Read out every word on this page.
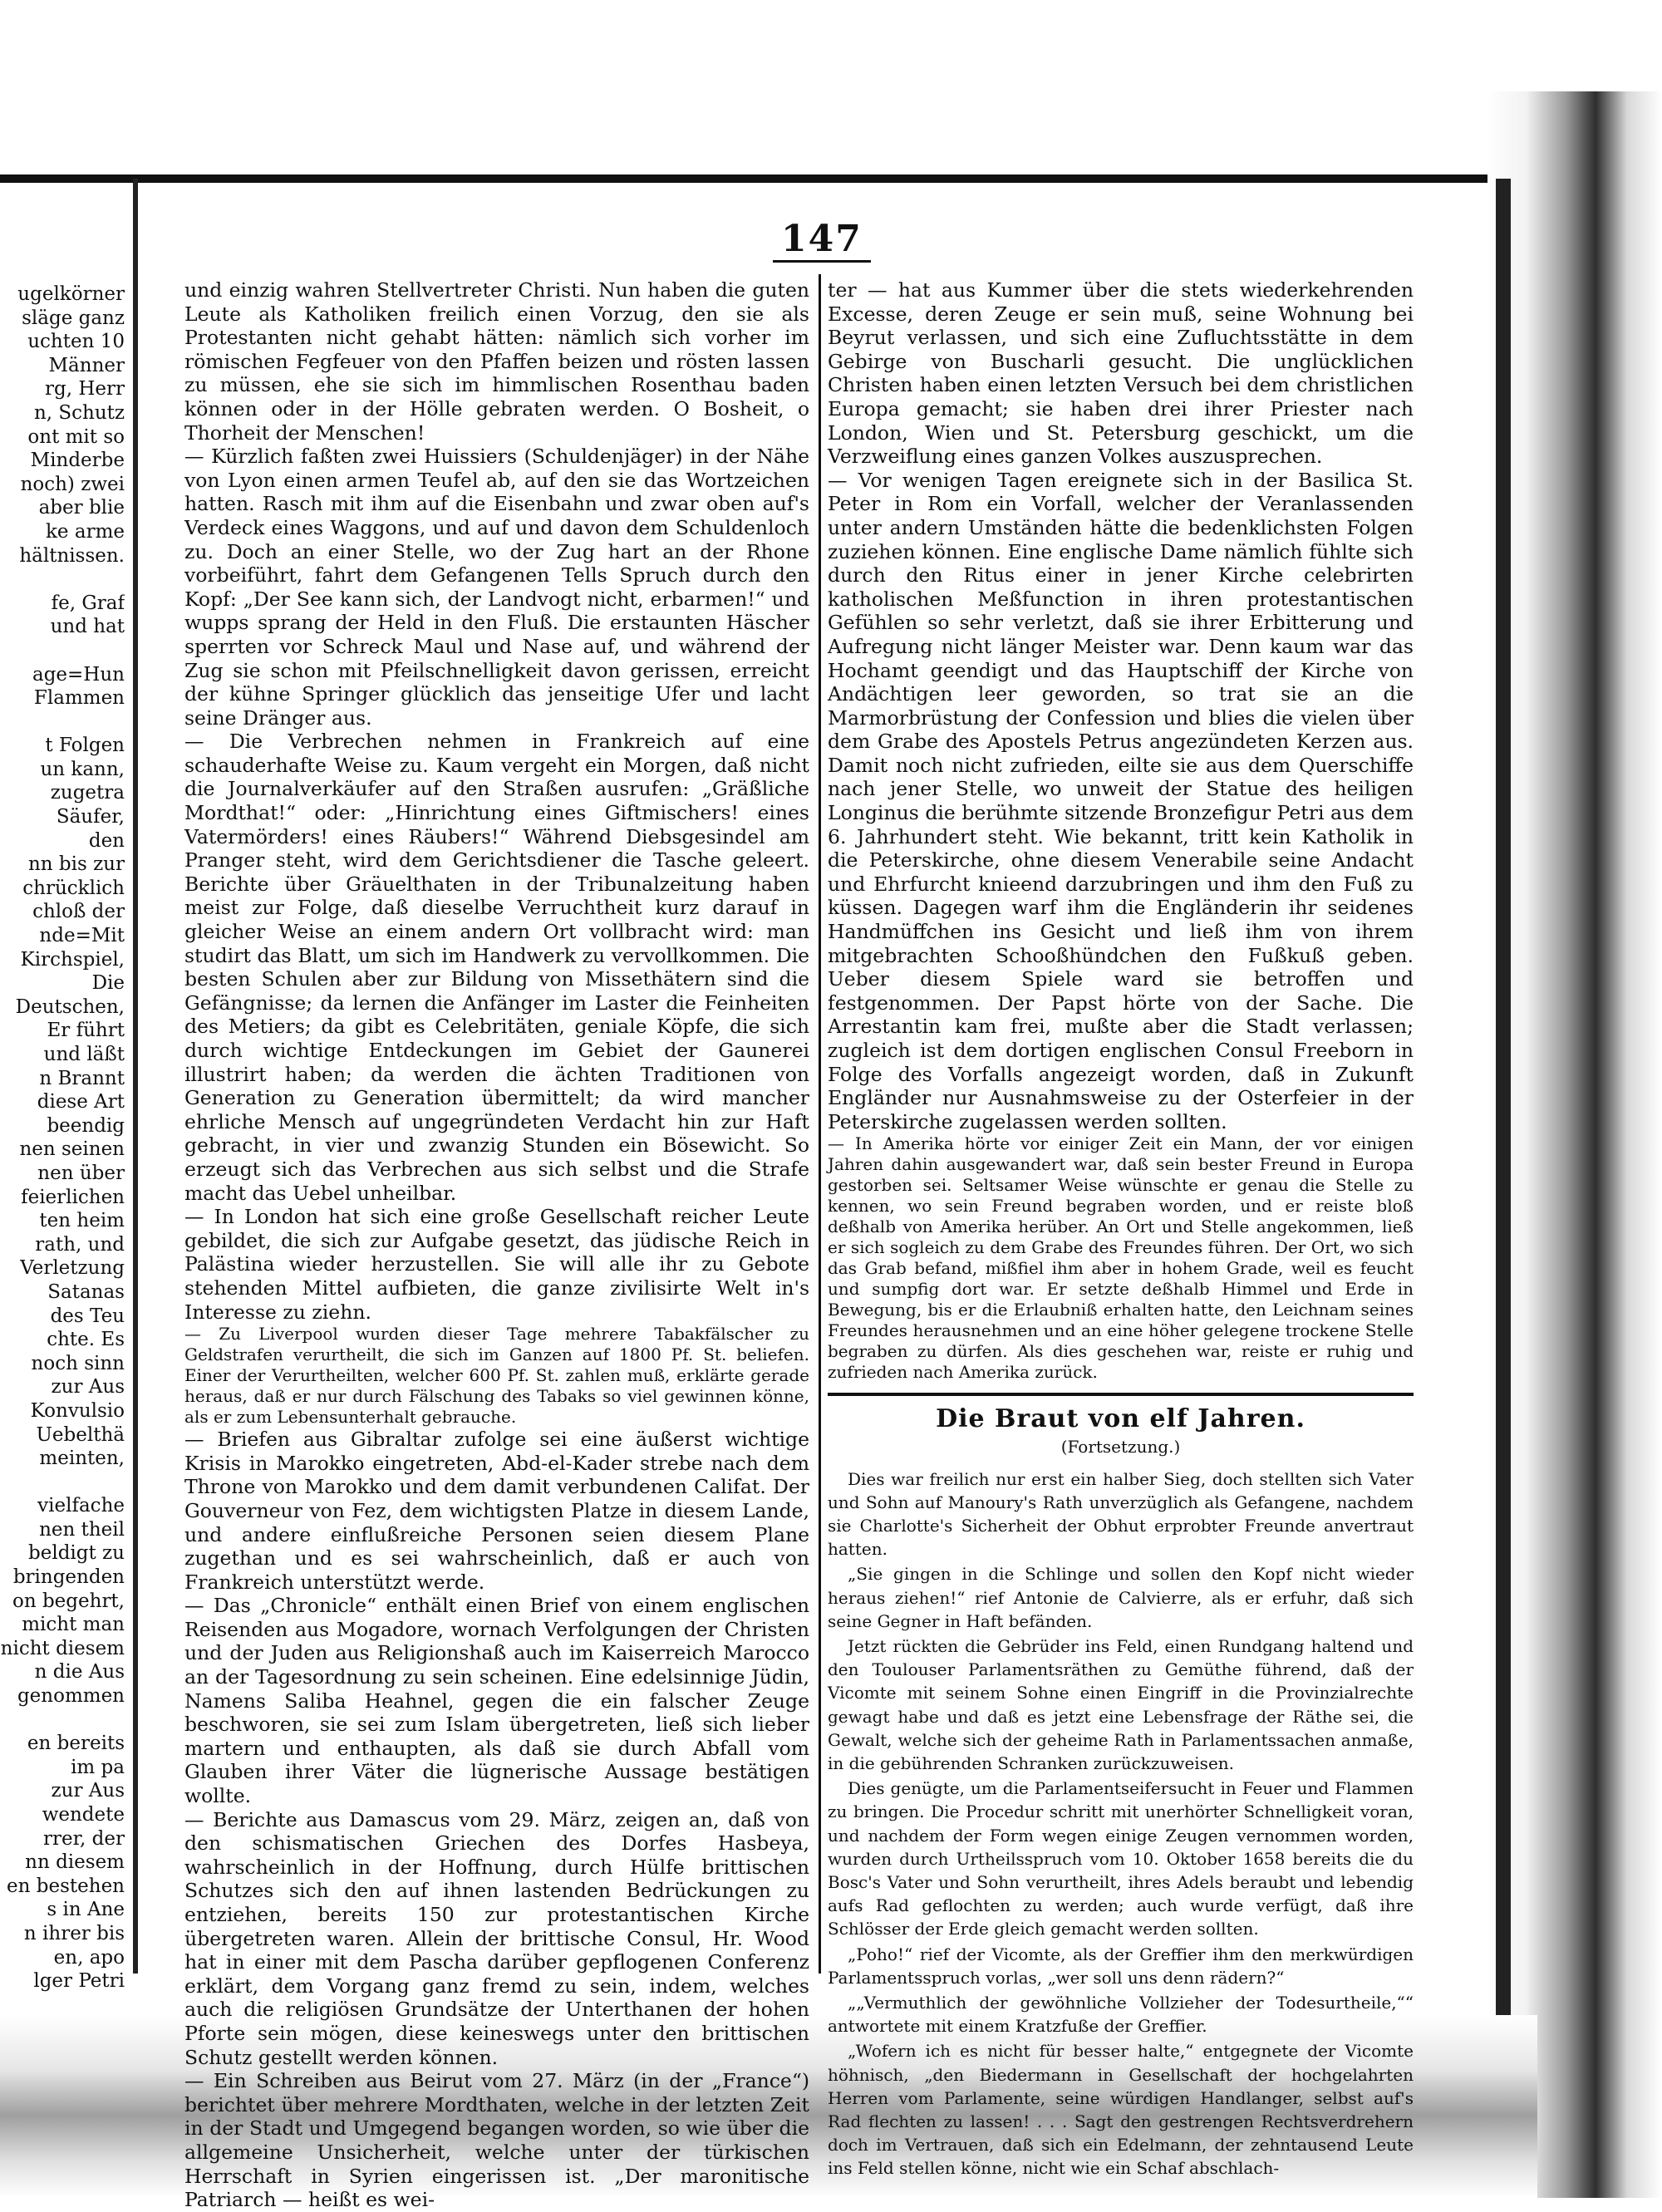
147
ugelkörner
släge ganz
uchten 10
Männer
rg, Herr
n, Schutz
ont mit so
Minderbe
noch) zwei
aber blie
ke arme
hältnissen.

fe, Graf
und hat

age=Hun
Flammen

t Folgen
un kann,
zugetra
Säufer,
den
nn bis zur
chrücklich
chloß der
nde=Mit
Kirchspiel,
Die
Deutschen,
Er führt
und läßt
n Brannt
diese Art
beendig
nen seinen
nen über
feierlichen
ten heim
rath, und
Verletzung
Satanas
des Teu
chte. Es
noch sinn
zur Aus
Konvulsio
Uebelthä
meinten,

vielfache
nen theil
beldigt zu
bringenden
on begehrt,
micht man
nicht diesem
n die Aus
genommen

en bereits
im pa
zur Aus
wendete
rrer, der
nn diesem
en bestehen
s in Ane
n ihrer bis
en, apo
lger Petri

und einzig wahren Stellvertreter Christi. Nun haben die guten Leute als Katholiken freilich einen Vorzug, den sie als Protestanten nicht gehabt hätten: nämlich sich vorher im römischen Fegfeuer von den Pfaffen beizen und rösten lassen zu müssen, ehe sie sich im himmlischen Rosenthau baden können oder in der Hölle gebraten werden. O Bosheit, o Thorheit der Menschen!

— Kürzlich faßten zwei Huissiers (Schuldenjäger) in der Nähe von Lyon einen armen Teufel ab, auf den sie das Wortzeichen hatten. Rasch mit ihm auf die Eisenbahn und zwar oben auf's Verdeck eines Waggons, und auf und davon dem Schuldenloch zu. Doch an einer Stelle, wo der Zug hart an der Rhone vorbeiführt, fahrt dem Gefangenen Tells Spruch durch den Kopf: „Der See kann sich, der Landvogt nicht, erbarmen!“ und wupps sprang der Held in den Fluß. Die erstaunten Häscher sperrten vor Schreck Maul und Nase auf, und während der Zug sie schon mit Pfeilschnelligkeit davon gerissen, erreicht der kühne Springer glücklich das jenseitige Ufer und lacht seine Dränger aus.

— Die Verbrechen nehmen in Frankreich auf eine schauderhafte Weise zu. Kaum vergeht ein Morgen, daß nicht die Journalverkäufer auf den Straßen ausrufen: „Gräßliche Mordthat!“ oder: „Hinrichtung eines Giftmischers! eines Vatermörders! eines Räubers!“ Während Diebsgesindel am Pranger steht, wird dem Gerichtsdiener die Tasche geleert. Berichte über Gräuelthaten in der Tribunalzeitung haben meist zur Folge, daß dieselbe Verruchtheit kurz darauf in gleicher Weise an einem andern Ort vollbracht wird: man studirt das Blatt, um sich im Handwerk zu vervollkommen. Die besten Schulen aber zur Bildung von Missethätern sind die Gefängnisse; da lernen die Anfänger im Laster die Feinheiten des Metiers; da gibt es Celebritäten, geniale Köpfe, die sich durch wichtige Entdeckungen im Gebiet der Gaunerei illustrirt haben; da werden die ächten Traditionen von Generation zu Generation übermittelt; da wird mancher ehrliche Mensch auf ungegründeten Verdacht hin zur Haft gebracht, in vier und zwanzig Stunden ein Bösewicht. So erzeugt sich das Verbrechen aus sich selbst und die Strafe macht das Uebel unheilbar.

— In London hat sich eine große Gesellschaft reicher Leute gebildet, die sich zur Aufgabe gesetzt, das jüdische Reich in Palästina wieder herzustellen. Sie will alle ihr zu Gebote stehenden Mittel aufbieten, die ganze zivilisirte Welt in's Interesse zu ziehn.

— Zu Liverpool wurden dieser Tage mehrere Tabakfälscher zu Geldstrafen verurtheilt, die sich im Ganzen auf 1800 Pf. St. beliefen. Einer der Verurtheilten, welcher 600 Pf. St. zahlen muß, erklärte gerade heraus, daß er nur durch Fälschung des Tabaks so viel gewinnen könne, als er zum Lebensunterhalt gebrauche.

— Briefen aus Gibraltar zufolge sei eine äußerst wichtige Krisis in Marokko eingetreten, Abd-el-Kader strebe nach dem Throne von Marokko und dem damit verbundenen Califat. Der Gouverneur von Fez, dem wichtigsten Platze in diesem Lande, und andere einflußreiche Personen seien diesem Plane zugethan und es sei wahrscheinlich, daß er auch von Frankreich unterstützt werde.

— Das „Chronicle“ enthält einen Brief von einem englischen Reisenden aus Mogadore, wornach Verfolgungen der Christen und der Juden aus Religionshaß auch im Kaiserreich Marocco an der Tagesordnung zu sein scheinen. Eine edelsinnige Jüdin, Namens Saliba Heahnel, gegen die ein falscher Zeuge beschworen, sie sei zum Islam übergetreten, ließ sich lieber martern und enthaupten, als daß sie durch Abfall vom Glauben ihrer Väter die lügnerische Aussage bestätigen wollte.

— Berichte aus Damascus vom 29. März, zeigen an, daß von den schismatischen Griechen des Dorfes Hasbeya, wahrscheinlich in der Hoffnung, durch Hülfe brittischen Schutzes sich den auf ihnen lastenden Bedrückungen zu entziehen, bereits 150 zur protestantischen Kirche übergetreten waren. Allein der brittische Consul, Hr. Wood hat in einer mit dem Pascha darüber gepflogenen Conferenz erklärt, dem Vorgang ganz fremd zu sein, indem, welches auch die religiösen Grundsätze der Unterthanen der hohen Pforte sein mögen, diese keineswegs unter den brittischen Schutz gestellt werden können.

— Ein Schreiben aus Beirut vom 27. März (in der „France“) berichtet über mehrere Mordthaten, welche in der letzten Zeit in der Stadt und Umgegend begangen worden, so wie über die allgemeine Unsicherheit, welche unter der türkischen Herrschaft in Syrien eingerissen ist. „Der maronitische Patriarch — heißt es wei-

ter — hat aus Kummer über die stets wiederkehrenden Excesse, deren Zeuge er sein muß, seine Wohnung bei Beyrut verlassen, und sich eine Zufluchtsstätte in dem Gebirge von Buscharli gesucht. Die unglücklichen Christen haben einen letzten Versuch bei dem christlichen Europa gemacht; sie haben drei ihrer Priester nach London, Wien und St. Petersburg geschickt, um die Verzweiflung eines ganzen Volkes auszusprechen.

— Vor wenigen Tagen ereignete sich in der Basilica St. Peter in Rom ein Vorfall, welcher der Veranlassenden unter andern Umständen hätte die bedenklichsten Folgen zuziehen können. Eine englische Dame nämlich fühlte sich durch den Ritus einer in jener Kirche celebrirten katholischen Meßfunction in ihren protestantischen Gefühlen so sehr verletzt, daß sie ihrer Erbitterung und Aufregung nicht länger Meister war. Denn kaum war das Hochamt geendigt und das Hauptschiff der Kirche von Andächtigen leer geworden, so trat sie an die Marmorbrüstung der Confession und blies die vielen über dem Grabe des Apostels Petrus angezündeten Kerzen aus. Damit noch nicht zufrieden, eilte sie aus dem Querschiffe nach jener Stelle, wo unweit der Statue des heiligen Longinus die berühmte sitzende Bronzefigur Petri aus dem 6. Jahrhundert steht. Wie bekannt, tritt kein Katholik in die Peterskirche, ohne diesem Venerabile seine Andacht und Ehrfurcht knieend darzubringen und ihm den Fuß zu küssen. Dagegen warf ihm die Engländerin ihr seidenes Handmüffchen ins Gesicht und ließ ihm von ihrem mitgebrachten Schooßhündchen den Fußkuß geben. Ueber diesem Spiele ward sie betroffen und festgenommen. Der Papst hörte von der Sache. Die Arrestantin kam frei, mußte aber die Stadt verlassen; zugleich ist dem dortigen englischen Consul Freeborn in Folge des Vorfalls angezeigt worden, daß in Zukunft Engländer nur Ausnahmsweise zu der Osterfeier in der Peterskirche zugelassen werden sollten.

— In Amerika hörte vor einiger Zeit ein Mann, der vor einigen Jahren dahin ausgewandert war, daß sein bester Freund in Europa gestorben sei. Seltsamer Weise wünschte er genau die Stelle zu kennen, wo sein Freund begraben worden, und er reiste bloß deßhalb von Amerika herüber. An Ort und Stelle angekommen, ließ er sich sogleich zu dem Grabe des Freundes führen. Der Ort, wo sich das Grab befand, mißfiel ihm aber in hohem Grade, weil es feucht und sumpfig dort war. Er setzte deßhalb Himmel und Erde in Bewegung, bis er die Erlaubniß erhalten hatte, den Leichnam seines Freundes herausnehmen und an eine höher gelegene trockene Stelle begraben zu dürfen. Als dies geschehen war, reiste er ruhig und zufrieden nach Amerika zurück.

Die Braut von elf Jahren.
(Fortsetzung.)

Dies war freilich nur erst ein halber Sieg, doch stellten sich Vater und Sohn auf Manoury's Rath unverzüglich als Gefangene, nachdem sie Charlotte's Sicherheit der Obhut erprobter Freunde anvertraut hatten.

„Sie gingen in die Schlinge und sollen den Kopf nicht wieder heraus ziehen!“ rief Antonie de Calvierre, als er erfuhr, daß sich seine Gegner in Haft befänden.

Jetzt rückten die Gebrüder ins Feld, einen Rundgang haltend und den Toulouser Parlamentsräthen zu Gemüthe führend, daß der Vicomte mit seinem Sohne einen Eingriff in die Provinzialrechte gewagt habe und daß es jetzt eine Lebensfrage der Räthe sei, die Gewalt, welche sich der geheime Rath in Parlamentssachen anmaße, in die gebührenden Schranken zurückzuweisen.

Dies genügte, um die Parlamentseifersucht in Feuer und Flammen zu bringen. Die Procedur schritt mit unerhörter Schnelligkeit voran, und nachdem der Form wegen einige Zeugen vernommen worden, wurden durch Urtheilsspruch vom 10. Oktober 1658 bereits die du Bosc's Vater und Sohn verurtheilt, ihres Adels beraubt und lebendig aufs Rad geflochten zu werden; auch wurde verfügt, daß ihre Schlösser der Erde gleich gemacht werden sollten.

„Poho!“ rief der Vicomte, als der Greffier ihm den merkwürdigen Parlamentsspruch vorlas, „wer soll uns denn rädern?“

„„Vermuthlich der gewöhnliche Vollzieher der Todesurtheile,““ antwortete mit einem Kratzfuße der Greffier.

„Wofern ich es nicht für besser halte,“ entgegnete der Vicomte höhnisch, „den Biedermann in Gesellschaft der hochgelahrten Herren vom Parlamente, seine würdigen Handlanger, selbst auf's Rad flechten zu lassen! . . . Sagt den gestrengen Rechtsverdrehern doch im Vertrauen, daß sich ein Edelmann, der zehntausend Leute ins Feld stellen könne, nicht wie ein Schaf abschlach-
